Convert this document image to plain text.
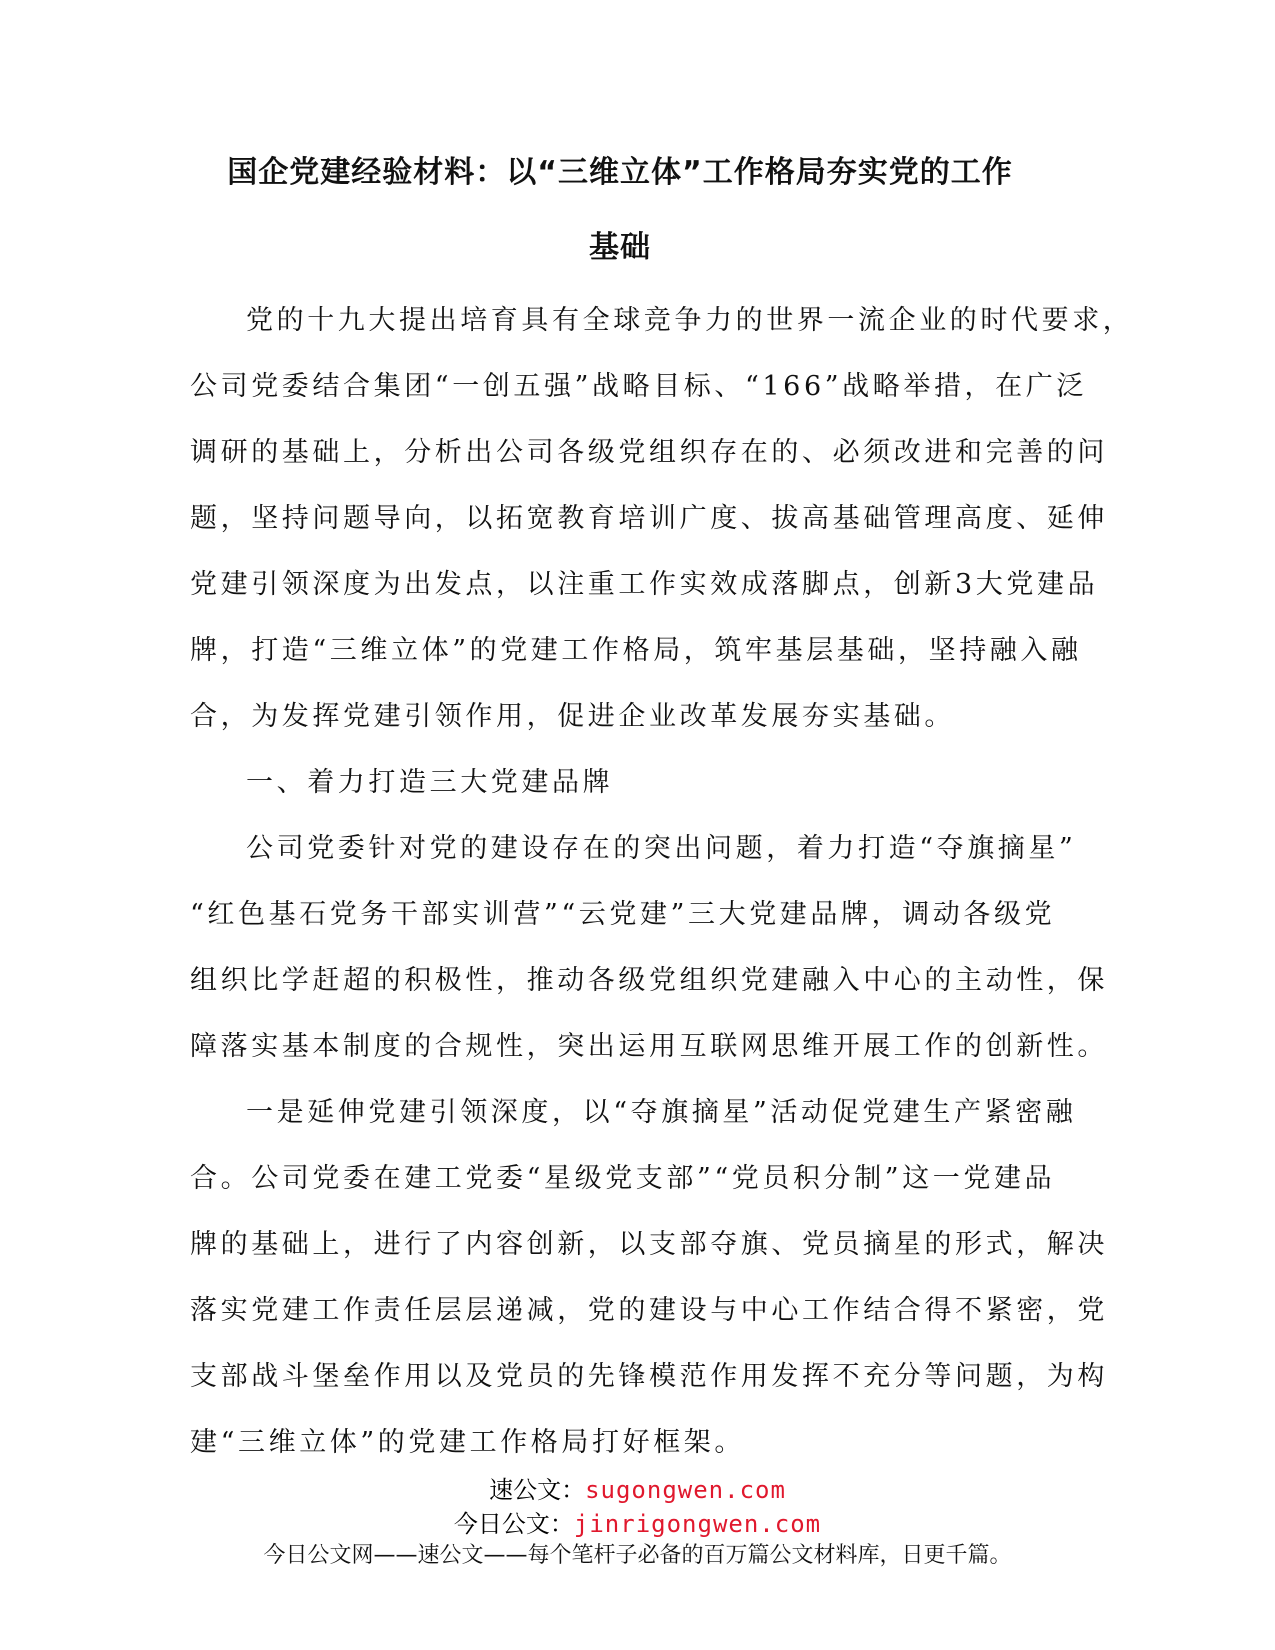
国企党建经验材料：以“三维立体”工作格局夯实党的工作
基础
党的十九大提出培育具有全球竞争力的世界一流企业的时代要求，
公司党委结合集团“一创五强”战略目标、“166”战略举措，在广泛
调研的基础上，分析出公司各级党组织存在的、必须改进和完善的问
题，坚持问题导向，以拓宽教育培训广度、拔高基础管理高度、延伸
党建引领深度为出发点，以注重工作实效成落脚点，创新3大党建品
牌，打造“三维立体”的党建工作格局，筑牢基层基础，坚持融入融
合，为发挥党建引领作用，促进企业改革发展夯实基础。
一、着力打造三大党建品牌
公司党委针对党的建设存在的突出问题，着力打造“夺旗摘星”
“红色基石党务干部实训营”“云党建”三大党建品牌，调动各级党
组织比学赶超的积极性，推动各级党组织党建融入中心的主动性，保
障落实基本制度的合规性，突出运用互联网思维开展工作的创新性。
一是延伸党建引领深度，以“夺旗摘星”活动促党建生产紧密融
合。公司党委在建工党委“星级党支部”“党员积分制”这一党建品
牌的基础上，进行了内容创新，以支部夺旗、党员摘星的形式，解决
落实党建工作责任层层递减，党的建设与中心工作结合得不紧密，党
支部战斗堡垒作用以及党员的先锋模范作用发挥不充分等问题，为构
建“三维立体”的党建工作格局打好框架。
速公文：sugongwen.com
今日公文：jinrigongwen.com
今日公文网——速公文——每个笔杆子必备的百万篇公文材料库，日更千篇。
